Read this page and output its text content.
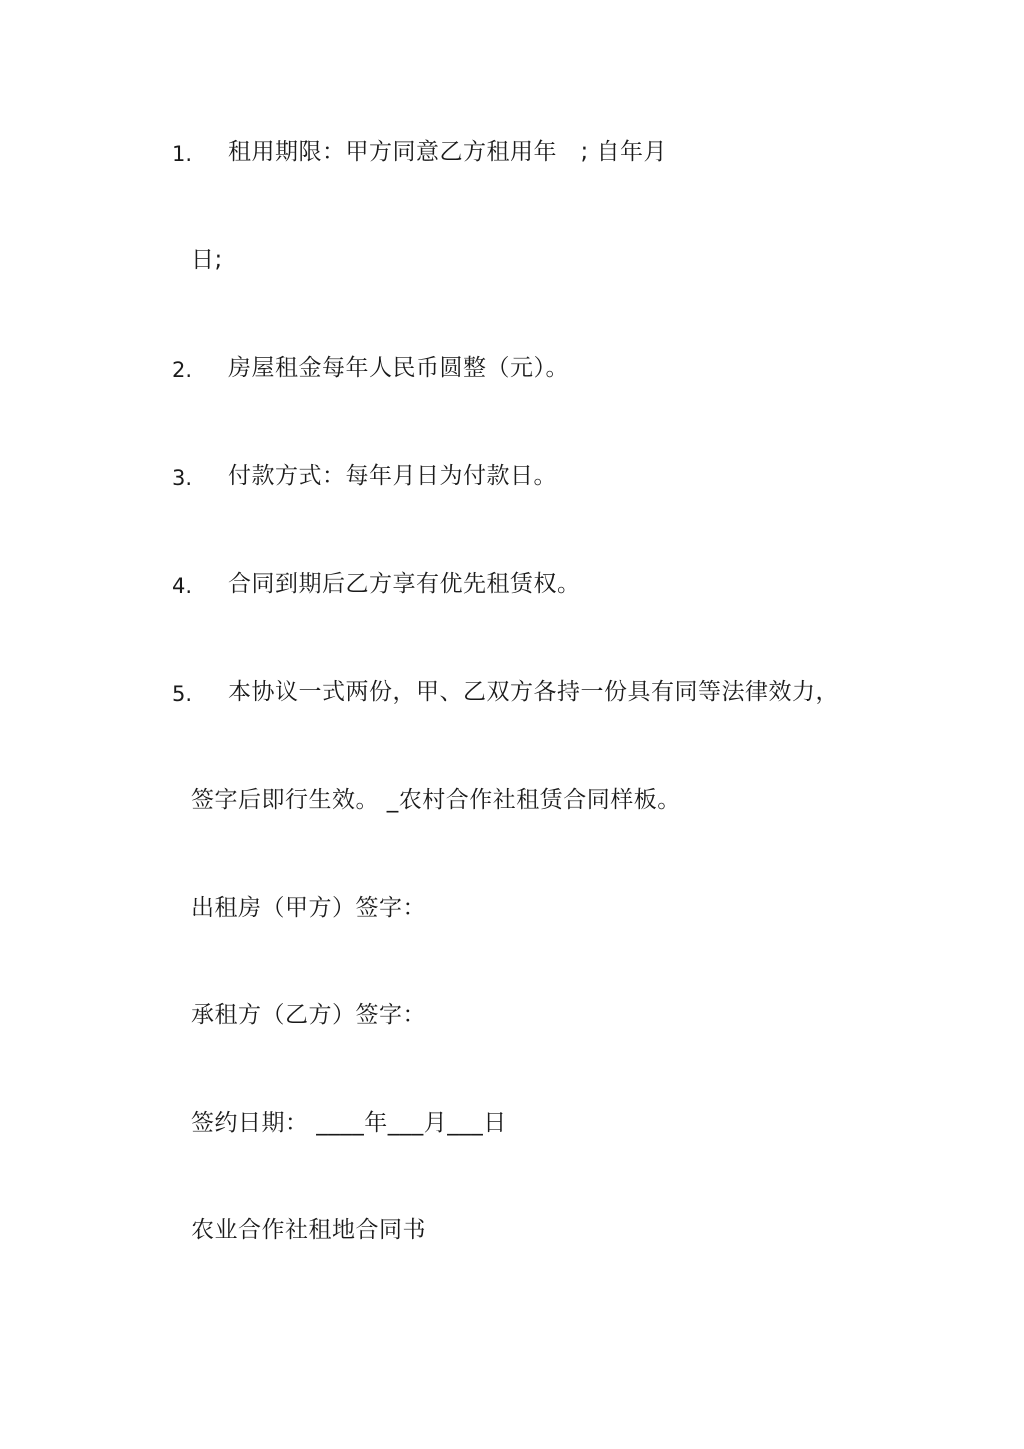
1. 租用期限：甲方同意乙方租用年　; 自年月
日;
2. 房屋租金每年人民币圆整（元）。
3. 付款方式：每年月日为付款日。
4. 合同到期后乙方享有优先租赁权。
5. 本协议一式两份，甲、乙双方各持一份具有同等法律效力，
签字后即行生效。 _农村合作社租赁合同样板。
出租房（甲方）签字：
承租方（乙方）签字：
签约日期： ____年___月___日
农业合作社租地合同书
